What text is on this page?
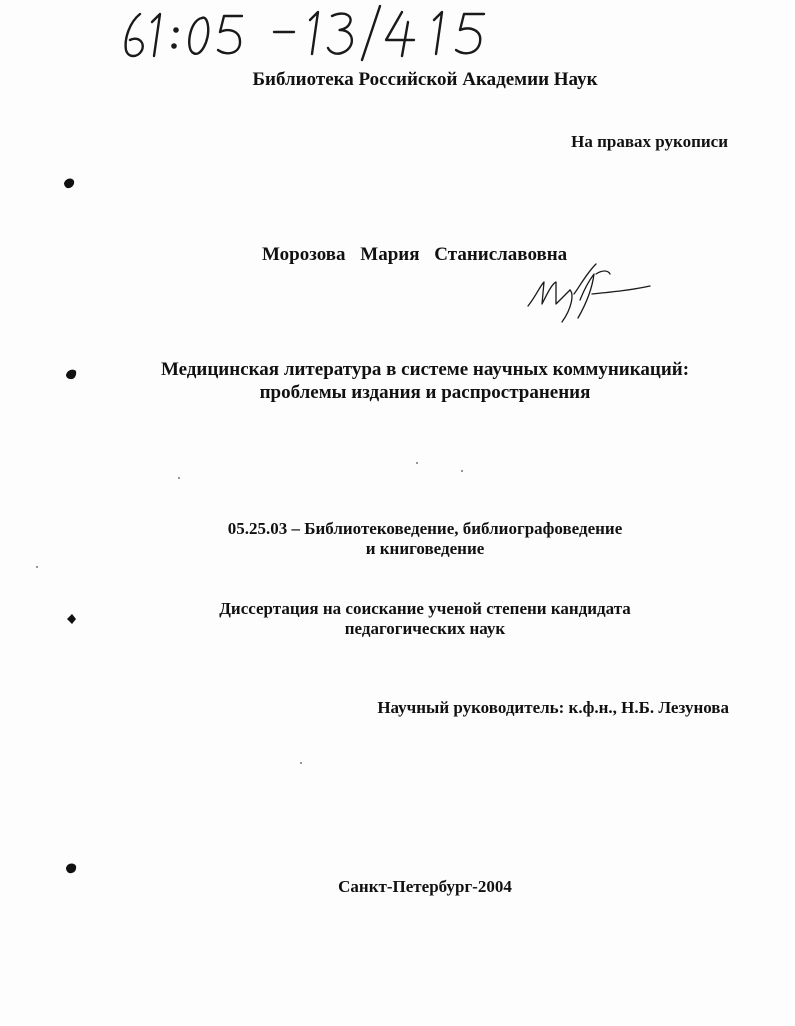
Библиотека Российской Академии Наук
На правах рукописи
Морозова Мария Станиславовна
Медицинская литература в системе научных коммуникаций:
проблемы издания и распространения
05.25.03 – Библиотековедение, библиографоведение
и книговедение
Диссертация на соискание ученой степени кандидата
педагогических наук
Научный руководитель: к.ф.н., Н.Б. Лезунова
Санкт-Петербург-2004
